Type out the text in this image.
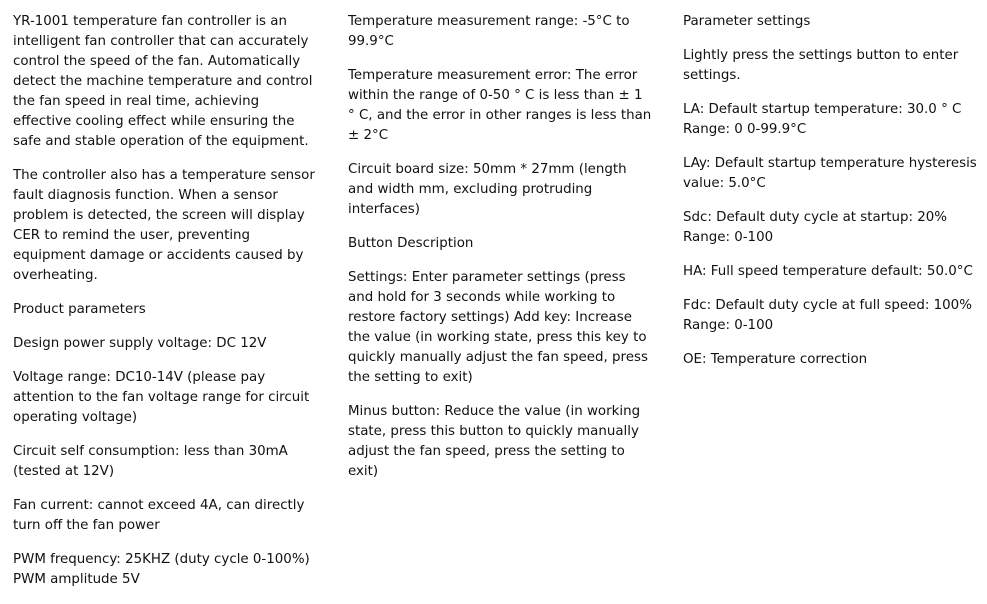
YR-1001 temperature fan controller is an intelligent fan controller that can accurately control the speed of the fan. Automatically detect the machine temperature and control the fan speed in real time, achieving effective cooling effect while ensuring the safe and stable operation of the equipment.

The controller also has a temperature sensor fault diagnosis function. When a sensor problem is detected, the screen will display CER to remind the user, preventing equipment damage or accidents caused by overheating.

Product parameters

Design power supply voltage: DC 12V

Voltage range: DC10-14V (please pay attention to the fan voltage range for circuit operating voltage)

Circuit self consumption: less than 30mA (tested at 12V)

Fan current: cannot exceed 4A, can directly turn off the fan power

PWM frequency: 25KHZ (duty cycle 0-100%)
PWM amplitude 5V

Temperature measurement range: -5°C to 99.9°C

Temperature measurement error: The error within the range of 0-50 ° C is less than ± 1 ° C, and the error in other ranges is less than ± 2°C

Circuit board size: 50mm * 27mm (length and width mm, excluding protruding interfaces)

Button Description

Settings: Enter parameter settings (press and hold for 3 seconds while working to restore factory settings) Add key: Increase the value (in working state, press this key to quickly manually adjust the fan speed, press the setting to exit)

Minus button: Reduce the value (in working state, press this button to quickly manually adjust the fan speed, press the setting to exit)

Parameter settings

Lightly press the settings button to enter settings.

LA: Default startup temperature: 30.0 ° C
Range: 0 0-99.9°C

LAy: Default startup temperature hysteresis value: 5.0°C

Sdc: Default duty cycle at startup: 20% Range: 0-100

HA: Full speed temperature default: 50.0°C

Fdc: Default duty cycle at full speed: 100%
Range: 0-100

OE: Temperature correction
